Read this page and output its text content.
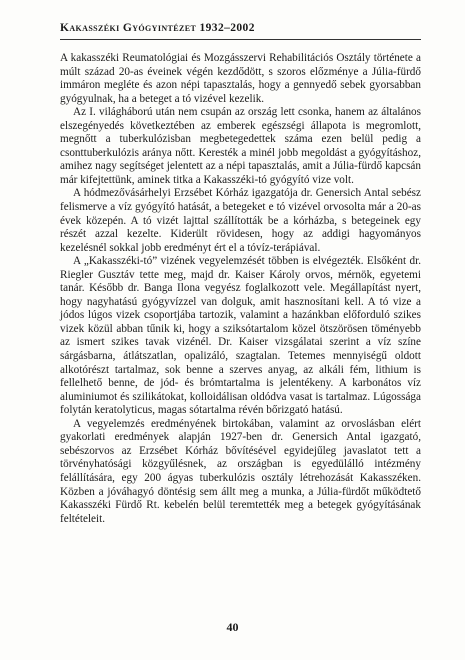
Kakasszéki Gyógyintézet 1932–2002

A kakasszéki Reumatológiai és Mozgásszervi Rehabilitációs Osztály története a múlt század 20-as éveinek végén kezdődött, s szoros előzménye a Júlia-fürdő immáron megléte és azon népi tapasztalás, hogy a gennyedő sebek gyorsabban gyógyulnak, ha a beteget a tó vizével kezelik.

Az I. világháború után nem csupán az ország lett csonka, hanem az általános elszegényedés következtében az emberek egészségi állapota is megromlott, megnőtt a tuberkulózisban megbetegedettek száma ezen belül pedig a csonttuberkulózis aránya nőtt. Keresték a minél jobb megoldást a gyógyításhoz, amihez nagy segítséget jelentett az a népi tapasztalás, amit a Júlia-fürdő kapcsán már kifejtettünk, aminek titka a Kakasszéki-tó gyógyító vize volt.

A hódmezővásárhelyi Erzsébet Kórház igazgatója dr. Genersich Antal sebész felismerve a víz gyógyító hatását, a betegeket e tó vizével orvosolta már a 20-as évek közepén. A tó vizét lajttal szállították be a kórházba, s betegeinek egy részét azzal kezelte. Kiderült rövidesen, hogy az addigi hagyományos kezelésnél sokkal jobb eredményt ért el a tóvíz-terápiával.

A „Kakasszéki-tó” vizének vegyelemzését többen is elvégezték. Elsőként dr. Riegler Gusztáv tette meg, majd dr. Kaiser Károly orvos, mérnök, egyetemi tanár. Később dr. Banga Ilona vegyész foglalkozott vele. Megállapítást nyert, hogy nagyhatású gyógyvízzel van dolguk, amit hasznosítani kell. A tó vize a jódos lúgos vizek csoportjába tartozik, valamint a hazánkban előforduló szikes vizek közül abban tűnik ki, hogy a sziksótartalom közel ötszörösen töményebb az ismert szikes tavak vizénél. Dr. Kaiser vizsgálatai szerint a víz színe sárgásbarna, átlátszatlan, opalizáló, szagtalan. Tetemes mennyiségű oldott alkotórészt tartalmaz, sok benne a szerves anyag, az alkáli fém, lithium is fellelhető benne, de jód- és brómtartalma is jelentékeny. A karbonátos víz aluminiumot és szilikátokat, kolloidálisan oldódva vasat is tartalmaz. Lúgossága folytán keratolyticus, magas sótartalma révén bőrizgató hatású.

A vegyelemzés eredményének birtokában, valamint az orvoslásban elért gyakorlati eredmények alapján 1927-ben dr. Genersich Antal igazgató, sebészorvos az Erzsébet Kórház bővítésével egyidejűleg javaslatot tett a törvényhatósági közgyűlésnek, az országban is egyedülálló intézmény felállítására, egy 200 ágyas tuberkulózis osztály létrehozását Kakasszéken. Közben a jóváhagyó döntésig sem állt meg a munka, a Júlia-fürdőt működtető Kakasszéki Fürdő Rt. kebelén belül teremtették meg a betegek gyógyításának feltételeit.

40
